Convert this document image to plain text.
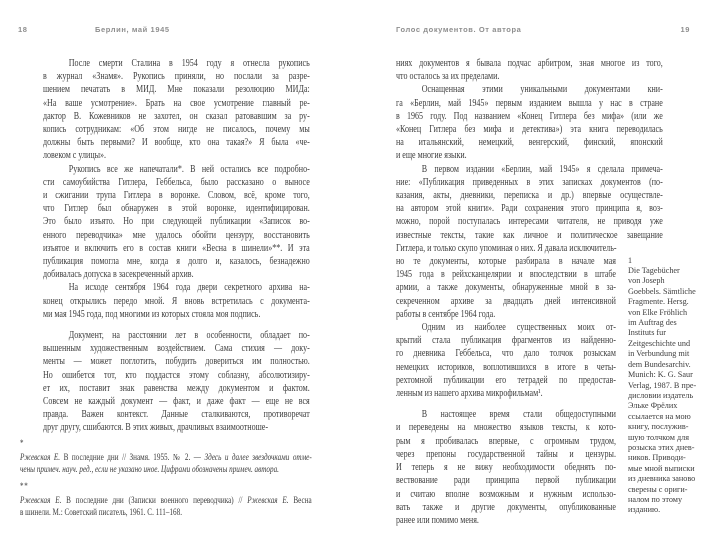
18	Берлин, май 1945
После смерти Сталина в 1954 году я отнесла рукопись
в журнал «Знамя». Рукопись приняли, но послали за разре-
шением печатать в МИД. Мне показали резолюцию МИДа:
«На ваше усмотрение». Брать на свое усмотрение главный ре-
дактор В. Кожевников не захотел, он сказал ратовавшим за ру-
копись сотрудникам: «Об этом нигде не писалось, почему мы
должны быть первыми? И вообще, кто она такая?» Я была «че-
ловеком с улицы».
Рукопись все же напечатали*. В ней остались все подробно-
сти самоубийства Гитлера, Геббельса, было рассказано о выносе
и сжигании трупа Гитлера в воронке. Словом, всё, кроме того,
что Гитлер был обнаружен в этой воронке, идентифицирован.
Это было изъято. Но при следующей публикации «Записок во-
енного переводчика» мне удалось обойти цензуру, восстановить
изъятое и включить его в состав книги «Весна в шинели»**. И эта
публикация помогла мне, когда я долго и, казалось, безнадежно
добивалась допуска в засекреченный архив.
На исходе сентября 1964 года двери секретного архива на-
конец открылись передо мной. Я вновь встретилась с документа-
ми мая 1945 года, под многими из которых стояла моя подпись.
Документ, на расстоянии лет в особенности, обладает по-
вышенным художественным воздействием. Сама стихия — доку-
менты — может поглотить, побудить довериться им полностью.
Но ошибется тот, кто поддастся этому соблазну, абсолютизиру-
ет их, поставит знак равенства между документом и фактом.
Совсем не каждый документ — факт, и даже факт — еще не вся
правда. Важен контекст. Данные сталкиваются, противоречат
друг другу, сшибаются. В этих живых, драчливых взаимоотноше-
*
Ржевская Е. В последние дни // Знамя. 1955. № 2. — Здесь и далее звездочками отме-
чены примеч. науч. ред., если не указано иное. Цифрами обозначены примеч. автора.
**
Ржевская Е. В последние дни (Записки военного переводчика) // Ржевская Е. Весна
в шинели. М.: Советский писатель, 1961. С. 111–168.
Голос документов. От автора	19
ниях документов я бывала подчас арбитром, зная многое из того,
что осталось за их пределами.
Оснащенная этими уникальными документами кни-
га «Берлин, май 1945» первым изданием вышла у нас в стране
в 1965 году. Под названием «Конец Гитлера без мифа» (или же
«Конец Гитлера без мифа и детектива») эта книга переводилась
на итальянский, немецкий, венгерский, финский, японский
и еще многие языки.
В первом издании «Берлин, май 1945» я сделала примеча-
ние: «Публикация приведенных в этих записках документов (по-
казания, акты, дневники, переписка и др.) впервые осуществле-
на автором этой книги». Ради сохранения этого принципа я, воз-
можно, порой поступалась интересами читателя, не приводя уже
известные тексты, такие как личное и политическое завещание
Гитлера, и только скупо упоминая о них. Я давала исключитель-
но те документы, которые разбирала в начале мая
1945 года в рейхсканцелярии и впоследствии в штабе
армии, а также документы, обнаруженные мной в за-
секреченном архиве за двадцать дней интенсивной
работы в сентябре 1964 года.
Одним из наиболее существенных моих от-
крытий стала публикация фрагментов из найденно-
го дневника Геббельса, что дало толчок розыскам
немецких историков, воплотившихся в итоге в четы-
рехтомной публикации его тетрадей по предостав-
ленным из нашего архива микрофильмам¹.
В настоящее время стали общедоступными
и переведены на множество языков тексты, к кото-
рым я пробивалась впервые, с огромным трудом,
через препоны государственной тайны и цензуры.
И теперь я не вижу необходимости обеднять по-
вествование ради принципа первой публикации
и считаю вполне возможным и нужным использо-
вать также и другие документы, опубликованные
ранее или помимо меня.
1
Die Tagebücher
von Joseph
Goebbels. Sämtliche
Fragmente. Hersg.
von Elke Fröhlich
im Auftrag des
Instituts fur
Zeitgeschichte und
in Verbundung mit
dem Bundesarchiv.
Munich: K. G. Saur
Verlag, 1987. В пре-
дисловии издатель
Эльке Фрёлих
ссылается на мою
книгу, послужив-
шую толчком для
розыска этих днев-
ников. Приводи-
мые мной выписки
из дневника заново
сверены с ориги-
налом по этому
изданию.
